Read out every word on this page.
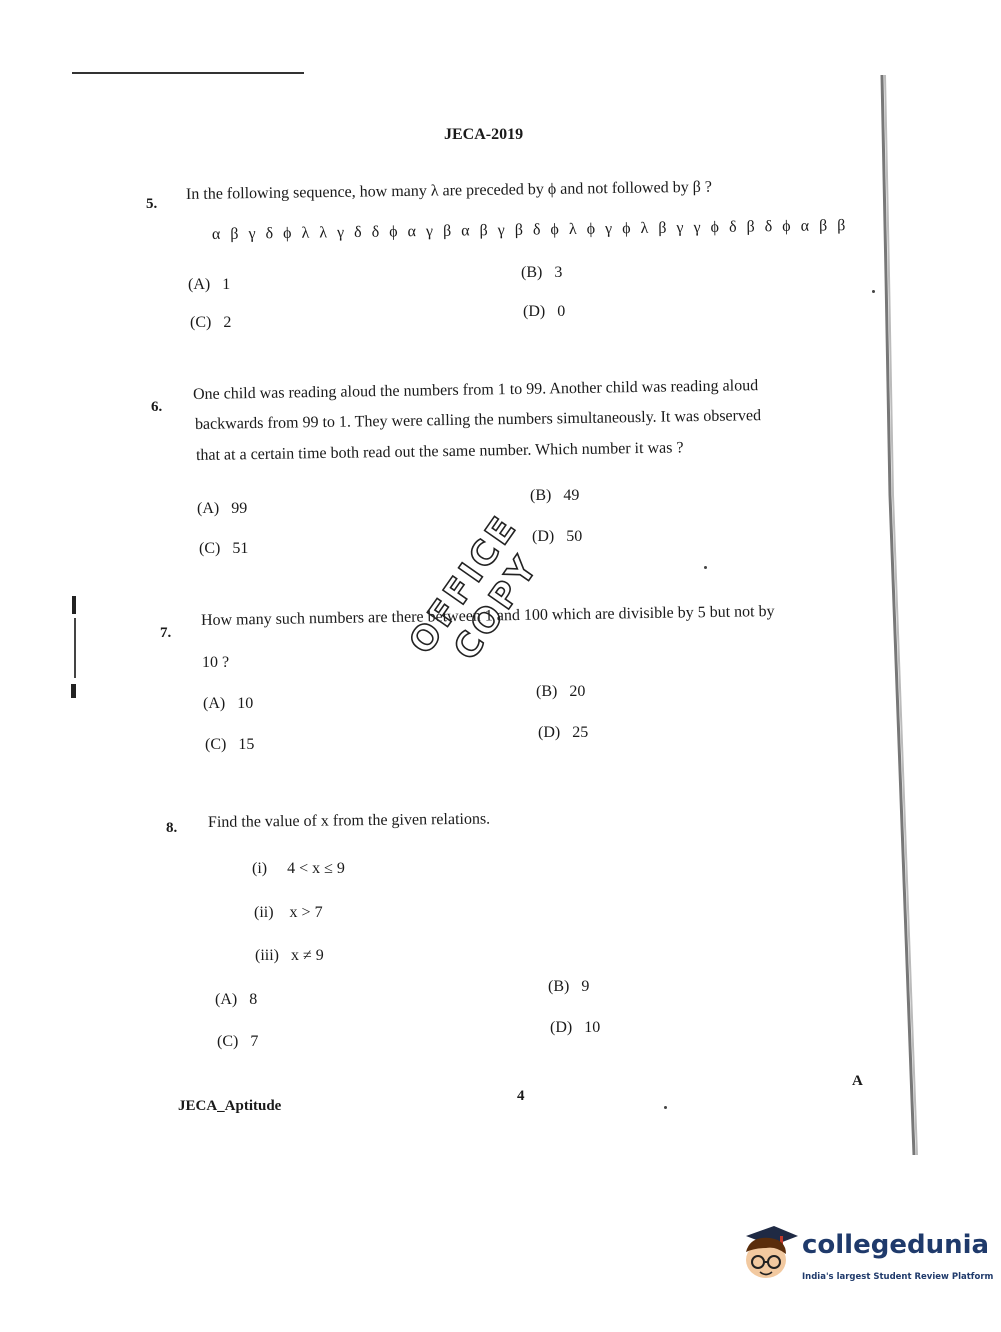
JECA-2019
5.
In the following sequence, how many λ are preceded by ϕ and not followed by β ?
α β γ δ ϕ λ λ γ δ δ ϕ α γ β α β γ β δ ϕ λ ϕ γ ϕ λ β γ γ ϕ δ β δ ϕ α β β
(A)   1
(B)   3
(C)   2
(D)   0
6.
One child was reading aloud the numbers from 1 to 99. Another child was reading aloud
backwards from 99 to 1. They were calling the numbers simultaneously. It was observed
that at a certain time both read out the same number. Which number it was ?
(A)   99
(B)   49
(C)   51
(D)   50
7.
How many such numbers are there between 1 and 100 which are divisible by 5 but not by
10 ?
(A)   10
(B)   20
(C)   15
(D)   25
8. Find the value of x from the given relations.
(i)     4 < x ≤ 9
(ii)    x > 7
(iii)   x ≠ 9
(A)   8
(B)   9
(C)   7
(D)   10
OFFICE COPY
JECA_Aptitude
4
A
collegedunia
India's largest Student Review Platform
